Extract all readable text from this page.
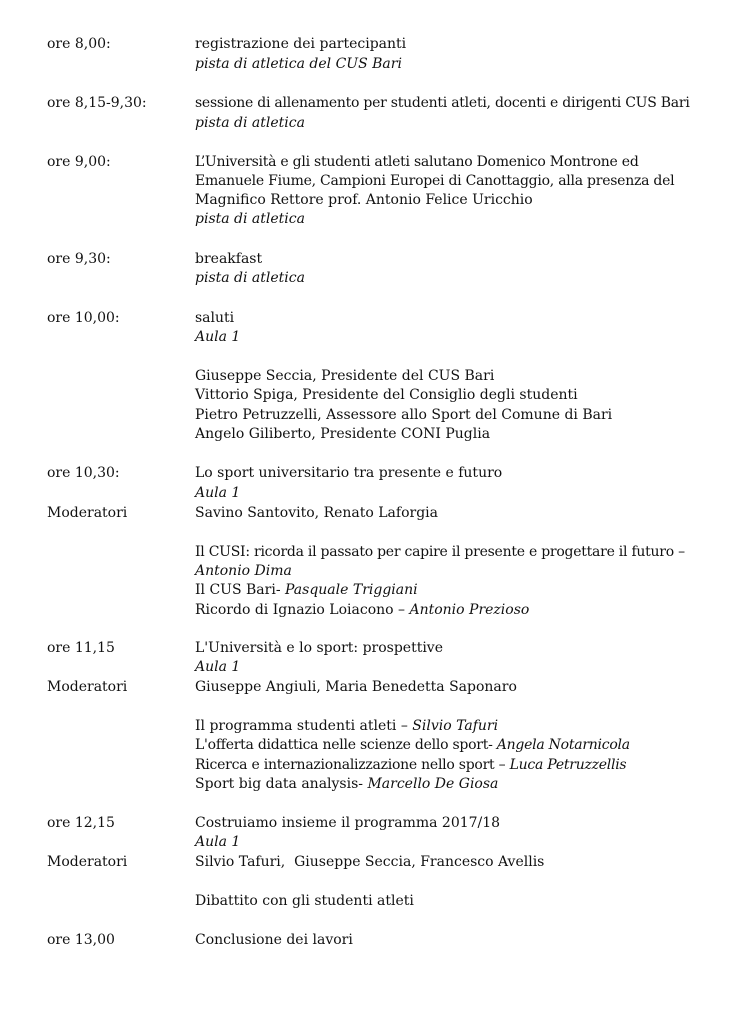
ore 8,00:	registrazione dei partecipanti
pista di atletica del CUS Bari
ore 8,15-9,30:	sessione di allenamento per studenti atleti, docenti e dirigenti CUS Bari
pista di atletica
ore 9,00:	L’Università e gli studenti atleti salutano Domenico Montrone ed
Emanuele Fiume, Campioni Europei di Canottaggio, alla presenza del
Magnifico Rettore prof. Antonio Felice Uricchio
pista di atletica
ore 9,30:	breakfast
pista di atletica
ore 10,00:	saluti
Aula 1
Giuseppe Seccia, Presidente del CUS Bari
Vittorio Spiga, Presidente del Consiglio degli studenti
Pietro Petruzzelli, Assessore allo Sport del Comune di Bari
Angelo Giliberto, Presidente CONI Puglia
ore 10,30:	Lo sport universitario tra presente e futuro
Aula 1
Moderatori	Savino Santovito, Renato Laforgia
Il CUSI: ricorda il passato per capire il presente e progettare il futuro –
Antonio Dima
Il CUS Bari- Pasquale Triggiani
Ricordo di Ignazio Loiacono – Antonio Prezioso
ore 11,15	L'Università e lo sport: prospettive
Aula 1
Moderatori	Giuseppe Angiuli, Maria Benedetta Saponaro
Il programma studenti atleti – Silvio Tafuri
L'offerta didattica nelle scienze dello sport- Angela Notarnicola
Ricerca e internazionalizzazione nello sport – Luca Petruzzellis
Sport big data analysis- Marcello De Giosa
ore 12,15	Costruiamo insieme il programma 2017/18
Aula 1
Moderatori	Silvio Tafuri,  Giuseppe Seccia, Francesco Avellis
Dibattito con gli studenti atleti
ore 13,00	Conclusione dei lavori
